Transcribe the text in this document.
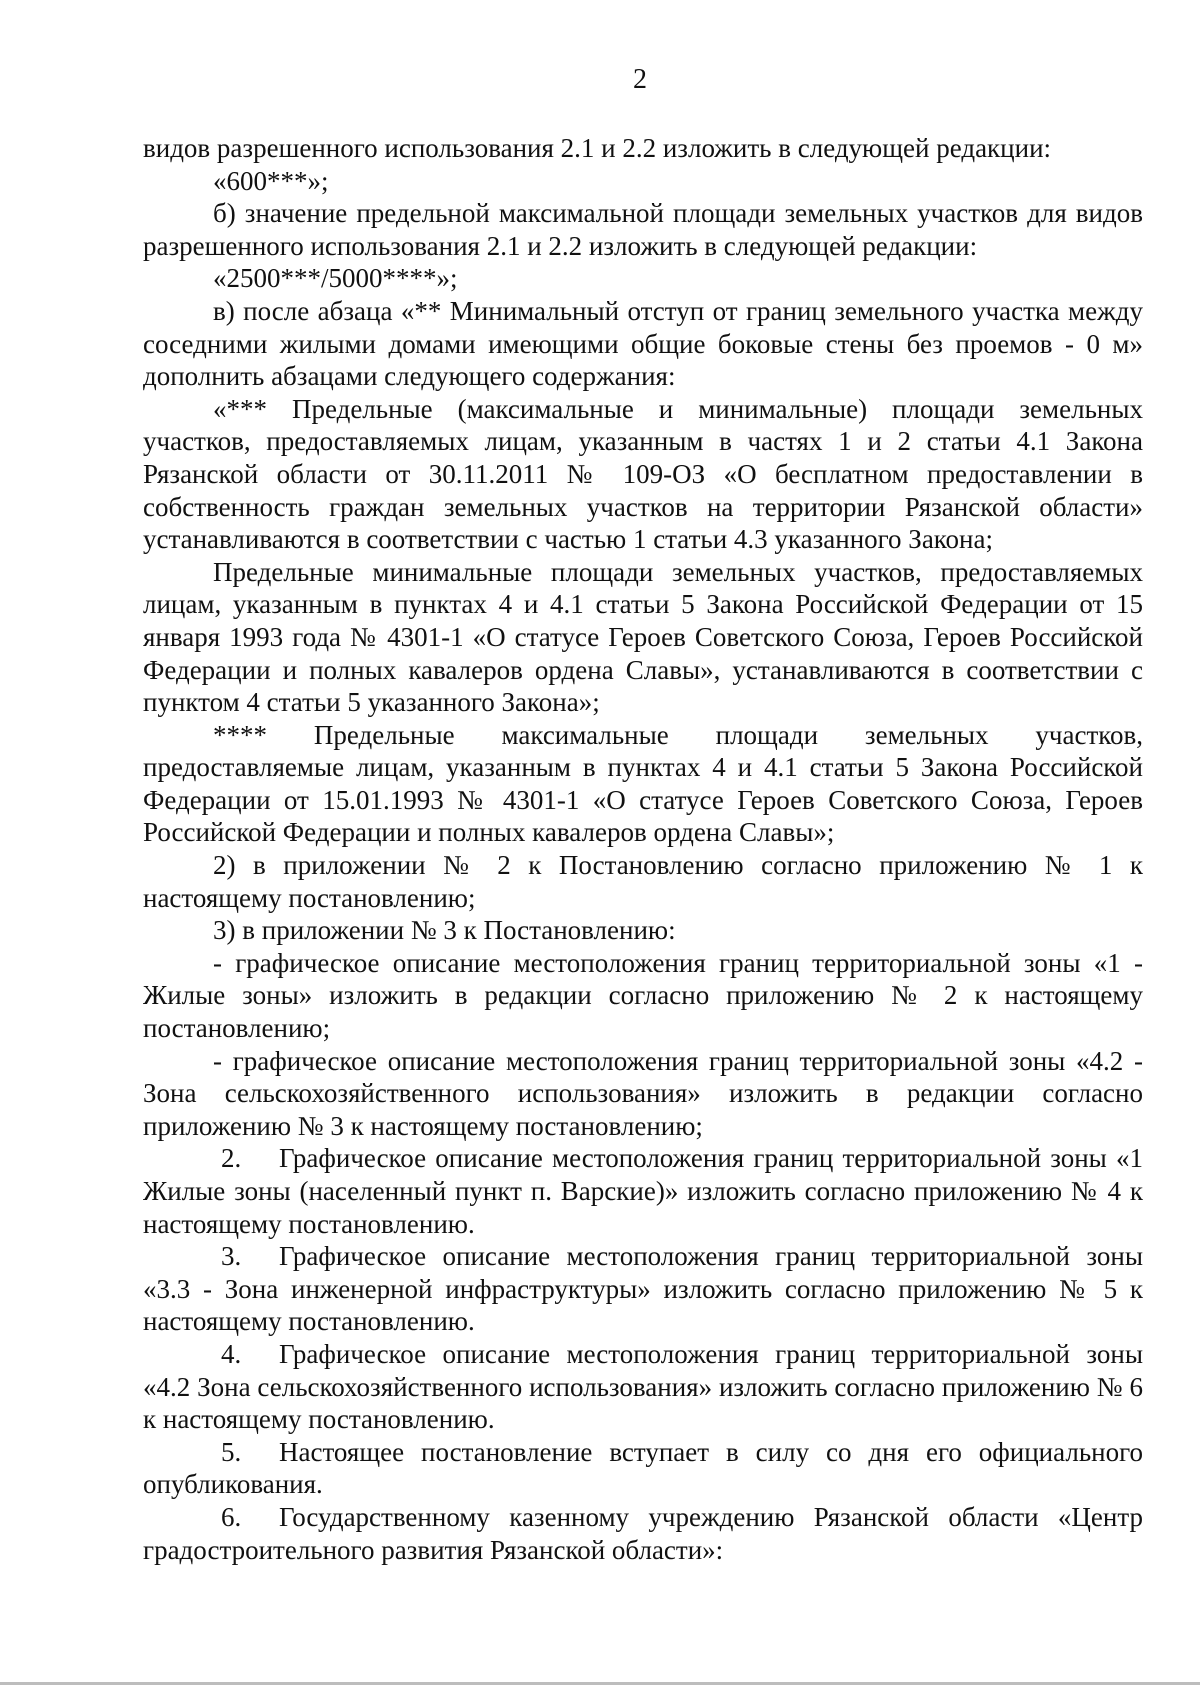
2

видов разрешенного использования 2.1 и 2.2 изложить в следующей редакции:

«600***»;

б) значение предельной максимальной площади земельных участков для видов разрешенного использования 2.1 и 2.2 изложить в следующей редакции:

«2500***/5000****»;

в) после абзаца «** Минимальный отступ от границ земельного участка между соседними жилыми домами имеющими общие боковые стены без проемов - 0 м» дополнить абзацами следующего содержания:

«*** Предельные (максимальные и минимальные) площади земельных участков, предоставляемых лицам, указанным в частях 1 и 2 статьи 4.1 Закона Рязанской области от 30.11.2011 № 109-ОЗ «О бесплатном предоставлении в собственность граждан земельных участков на территории Рязанской области» устанавливаются в соответствии с частью 1 статьи 4.3 указанного Закона;

Предельные минимальные площади земельных участков, предоставляемых лицам, указанным в пунктах 4 и 4.1 статьи 5 Закона Российской Федерации от 15 января 1993 года № 4301-1 «О статусе Героев Советского Союза, Героев Российской Федерации и полных кавалеров ордена Славы», устанавливаются в соответствии с пунктом 4 статьи 5 указанного Закона»;

**** Предельные максимальные площади земельных участков, предоставляемые лицам, указанным в пунктах 4 и 4.1 статьи 5 Закона Российской Федерации от 15.01.1993 № 4301-1 «О статусе Героев Советского Союза, Героев Российской Федерации и полных кавалеров ордена Славы»;

2) в приложении № 2 к Постановлению согласно приложению № 1 к настоящему постановлению;

3) в приложении № 3 к Постановлению:

- графическое описание местоположения границ территориальной зоны «1 - Жилые зоны» изложить в редакции согласно приложению № 2 к настоящему постановлению;

- графическое описание местоположения границ территориальной зоны «4.2 - Зона сельскохозяйственного использования» изложить в редакции согласно приложению № 3 к настоящему постановлению;

2. Графическое описание местоположения границ территориальной зоны «1 Жилые зоны (населенный пункт п. Варские)» изложить согласно приложению № 4 к настоящему постановлению.

3. Графическое описание местоположения границ территориальной зоны «3.3 - Зона инженерной инфраструктуры» изложить согласно приложению № 5 к настоящему постановлению.

4. Графическое описание местоположения границ территориальной зоны «4.2 Зона сельскохозяйственного использования» изложить согласно приложению № 6 к настоящему постановлению.

5. Настоящее постановление вступает в силу со дня его официального опубликования.

6. Государственному казенному учреждению Рязанской области «Центр градостроительного развития Рязанской области»:
